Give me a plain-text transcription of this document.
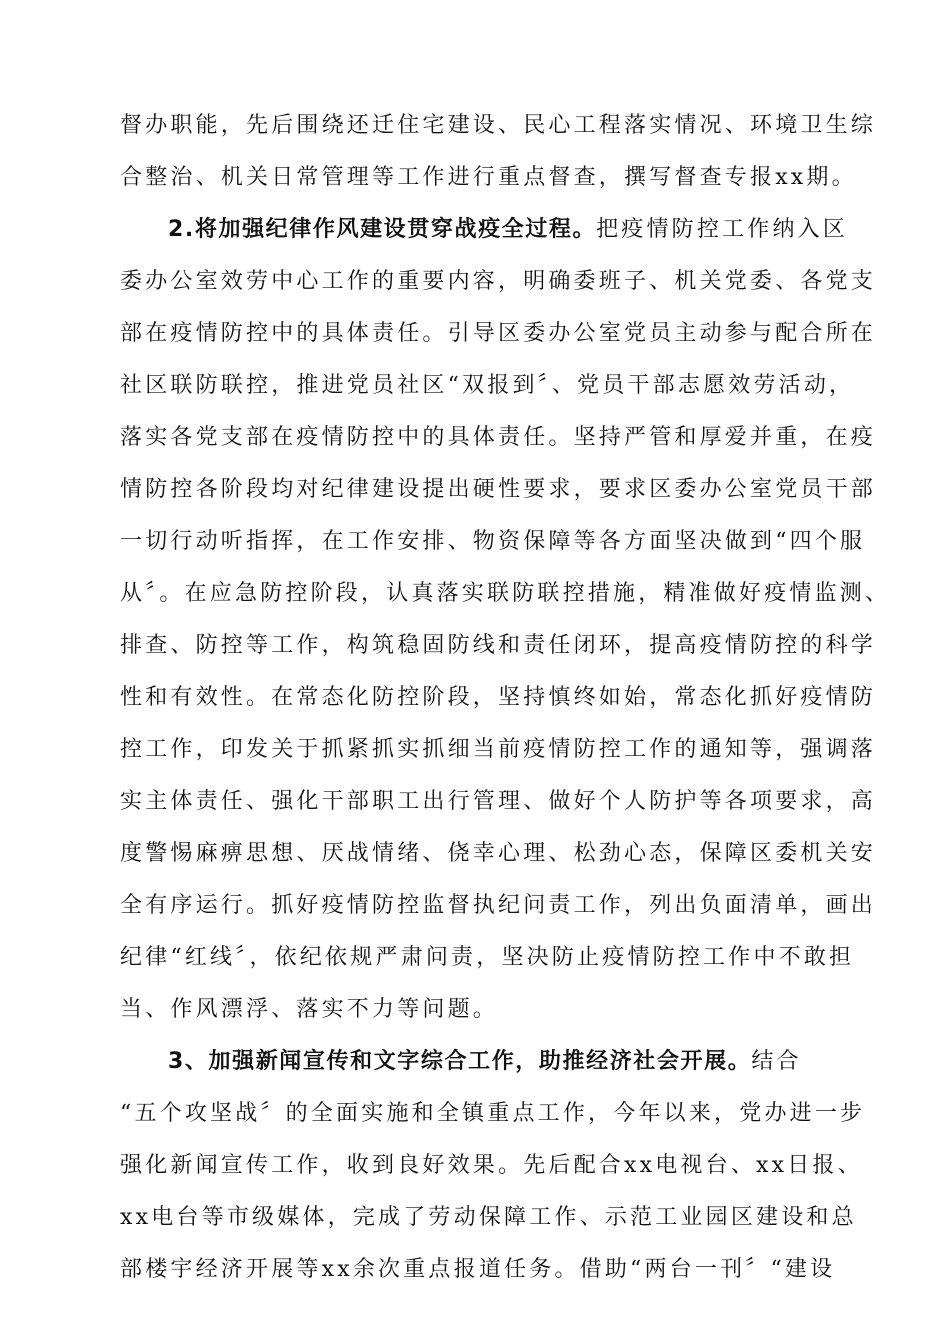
督办职能，先后围绕还迁住宅建设、民心工程落实情况、环境卫生综
合整治、机关日常管理等工作进行重点督查，撰写督查专报xx期。
2.将加强纪律作风建设贯穿战疫全过程。把疫情防控工作纳入区
委办公室效劳中心工作的重要内容，明确委班子、机关党委、各党支
部在疫情防控中的具体责任。引导区委办公室党员主动参与配合所在
社区联防联控，推进党员社区“双报到〞、党员干部志愿效劳活动，
落实各党支部在疫情防控中的具体责任。坚持严管和厚爱并重，在疫
情防控各阶段均对纪律建设提出硬性要求，要求区委办公室党员干部
一切行动听指挥，在工作安排、物资保障等各方面坚决做到“四个服
从〞。在应急防控阶段，认真落实联防联控措施，精准做好疫情监测、
排查、防控等工作，构筑稳固防线和责任闭环，提高疫情防控的科学
性和有效性。在常态化防控阶段，坚持慎终如始，常态化抓好疫情防
控工作，印发关于抓紧抓实抓细当前疫情防控工作的通知等，强调落
实主体责任、强化干部职工出行管理、做好个人防护等各项要求，高
度警惕麻痹思想、厌战情绪、侥幸心理、松劲心态，保障区委机关安
全有序运行。抓好疫情防控监督执纪问责工作，列出负面清单，画出
纪律“红线〞，依纪依规严肃问责，坚决防止疫情防控工作中不敢担
当、作风漂浮、落实不力等问题。
3、加强新闻宣传和文字综合工作，助推经济社会开展。结合
“五个攻坚战〞的全面实施和全镇重点工作，今年以来，党办进一步
强化新闻宣传工作，收到良好效果。先后配合xx电视台、xx日报、
xx电台等市级媒体，完成了劳动保障工作、示范工业园区建设和总
部楼宇经济开展等xx余次重点报道任务。借助“两台一刊〞“建设
